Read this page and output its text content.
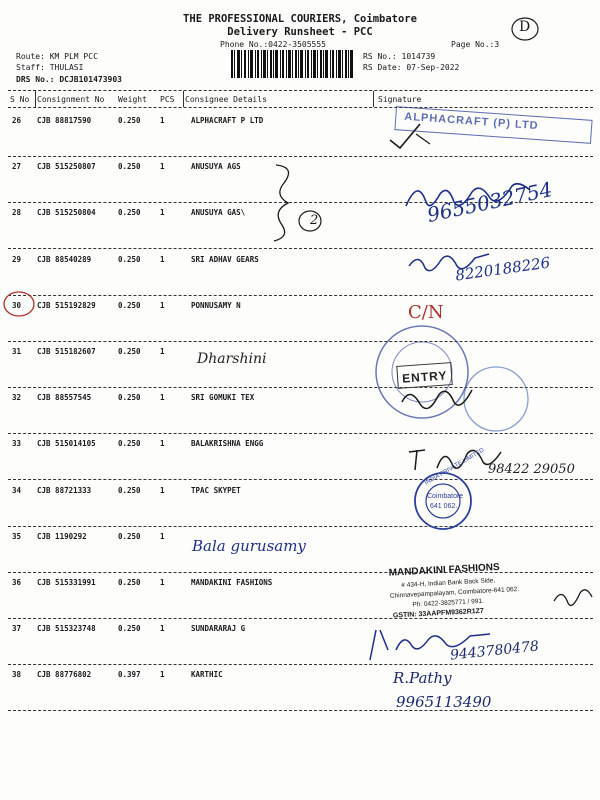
THE PROFESSIONAL COURIERS, Coimbatore
Delivery Runsheet - PCC
Phone No.:0422-3505555	Page No.:3
D
Route: KM PLM PCC
Staff: THULASI
DRS No.: DCJB101473903
RS No.: 1014739
RS Date: 07-Sep-2022
S No Consignment No Weight PCS Consignee Details	Signature
26 CJB 88817590	0.250	1	ALPHACRAFT P LTD
27 CJB 515250807	0.250	1	ANUSUYA AGS
28 CJB 515250804	0.250	1	ANUSUYA GAS\
29 CJB 88540289	0.250	1	SRI ADHAV GEARS
30 CJB 515192829	0.250	1	PONNUSAMY N
31 CJB 515182607	0.250	1
32 CJB 88557545	0.250	1	SRI GOMUKI TEX
33 CJB 515014105	0.250	1	BALAKRISHNA ENGG
34 CJB 88721333	0.250	1	TPAC SKYPET
35 CJB 1190292	0.250	1
36 CJB 515331991	0.250	1	MANDAKINI FASHIONS
37 CJB 515323748	0.250	1	SUNDARARAJ G
38 CJB 88776802	0.397	1	KARTHIC
ALPHACRAFT (P) LTD
2	9655032754
8220188226
C/N
ENTRY
Dharshini
98422 29050
INDIA PRIVATE LIMITED
Coimbatore
641 062.
Bala gurusamy
MANDAKINI FASHIONS
# 434-H, Indian Bank Back Side,
Chinnavepampalayam, Coimbatore-641 062.
Ph: 0422-3825771 / 991.
GSTIN: 33AAPFM9362R1Z7
9443780478
R.Pathy
9965113490
